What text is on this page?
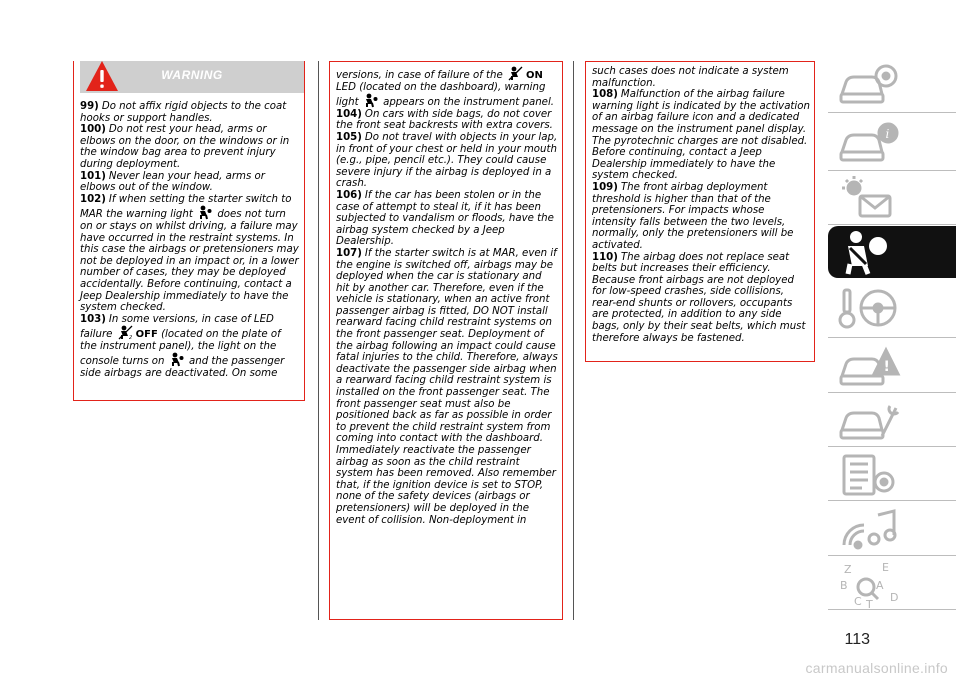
WARNING

99) Do not affix rigid objects to the coat hooks or support handles.

100) Do not rest your head, arms or elbows on the door, on the windows or in the window bag area to prevent injury during deployment.

101) Never lean your head, arms or elbows out of the window.

102) If when setting the starter switch to MAR the warning light does not turn on or stays on whilst driving, a failure may have occurred in the restraint systems. In this case the airbags or pretensioners may not be deployed in an impact or, in a lower number of cases, they may be deployed accidentally. Before continuing, contact a Jeep Dealership immediately to have the system checked.

103) In some versions, in case of LED failure	2 OFF (located on the plate of the instrument panel), the light on the console turns on and the passenger side airbags are deactivated. On some

versions, in case of failure of the ON LED (located on the dashboard), warning light appears on the instrument panel.

104) On cars with side bags, do not cover the front seat backrests with extra covers.

105) Do not travel with objects in your lap, in front of your chest or held in your mouth (e.g., pipe, pencil etc.). They could cause severe injury if the airbag is deployed in a crash.

106) If the car has been stolen or in the case of attempt to steal it, if it has been subjected to vandalism or floods, have the airbag system checked by a Jeep Dealership.

107) If the starter switch is at MAR, even if the engine is switched off, airbags may be deployed when the car is stationary and hit by another car. Therefore, even if the vehicle is stationary, when an active front passenger airbag is fitted, DO NOT install rearward facing child restraint systems on the front passenger seat. Deployment of the airbag following an impact could cause fatal injuries to the child. Therefore, always deactivate the passenger side airbag when a rearward facing child restraint system is installed on the front passenger seat. The front passenger seat must also be positioned back as far as possible in order to prevent the child restraint system from coming into contact with the dashboard. Immediately reactivate the passenger airbag as soon as the child restraint system has been removed. Also remember that, if the ignition device is set to STOP, none of the safety devices (airbags or pretensioners) will be deployed in the event of collision. Non-deployment in

such cases does not indicate a system malfunction.

108) Malfunction of the airbag failure warning light is indicated by the activation of an airbag failure icon and a dedicated message on the instrument panel display. The pyrotechnic charges are not disabled. Before continuing, contact a Jeep Dealership immediately to have the system checked.

109) The front airbag deployment threshold is higher than that of the pretensioners. For impacts whose intensity falls between the two levels, normally, only the pretensioners will be activated.

110) The airbag does not replace seat belts but increases their efficiency. Because front airbags are not deployed for low-speed crashes, side collisions, rear-end shunts or rollovers, occupants are protected, in addition to any side bags, only by their seat belts, which must therefore always be fastened.

i
!
Z	E
B	A
C T
D
113
carmanualsonline.info
